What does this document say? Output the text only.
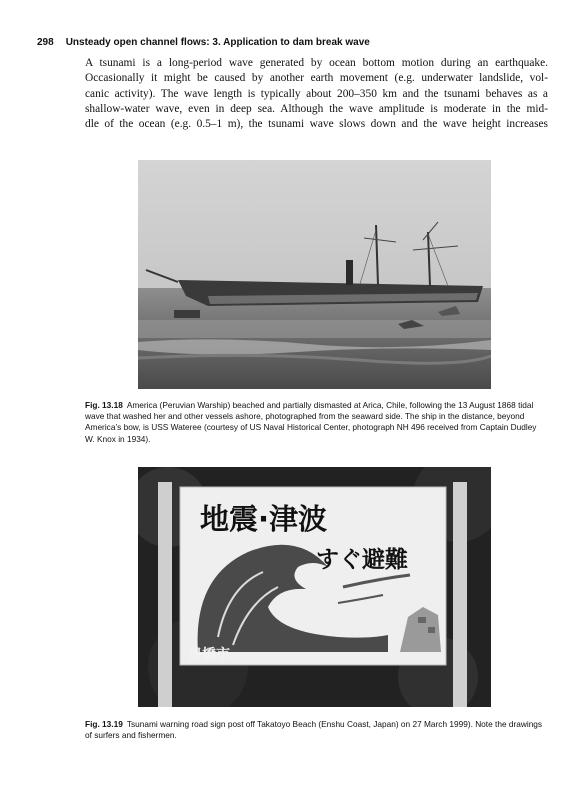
298 Unsteady open channel flows: 3. Application to dam break wave

A tsunami is a long-period wave generated by ocean bottom motion during an earthquake.
Occasionally it might be caused by another earth movement (e.g. underwater landslide, vol-
canic activity). The wave length is typically about 200–350 km and the tsunami behaves as a
shallow-water wave, even in deep sea. Although the wave amplitude is moderate in the mid-
dle of the ocean (e.g. 0.5–1 m), the tsunami wave slows down and the wave height increases

Fig. 13.18 America (Peruvian Warship) beached and partially dismasted at Arica, Chile, following the 13 August 1868 tidal wave that washed her and other vessels ashore, photographed from the seaward side. The ship in the distance, beyond America’s bow, is USS Wateree (courtesy of US Naval Historical Center, photograph NH 496 received from Captain Dudley W. Knox in 1934).

地震·津波
すぐ避難
豊橋市

Fig. 13.19 Tsunami warning road sign post off Takatoyo Beach (Enshu Coast, Japan) on 27 March 1999). Note the drawings of surfers and fishermen.
